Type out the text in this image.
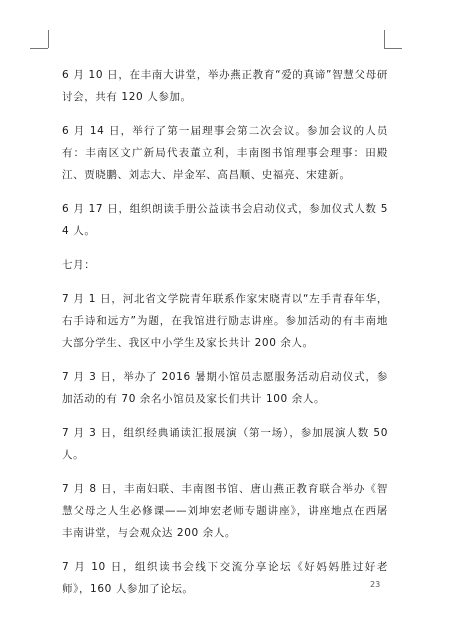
6 月 10 日，在丰南大讲堂，举办燕正教育“爱的真谛”智慧父母研讨会，共有 120 人参加。

6 月 14 日，举行了第一届理事会第二次会议。参加会议的人员有：丰南区文广新局代表董立利，丰南图书馆理事会理事：田殿江、贾晓鹏、刘志大、岸金军、高昌顺、史福亮、宋建新。

6 月 17 日，组织朗读手册公益读书会启动仪式，参加仪式人数 54 人。

七月：

7 月 1 日，河北省文学院青年联系作家宋晓青以“左手青春年华，右手诗和远方”为题，在我馆进行励志讲座。参加活动的有丰南地大部分学生、我区中小学生及家长共计 200 余人。

7 月 3 日，举办了 2016 暑期小馆员志愿服务活动启动仪式，参加活动的有 70 余名小馆员及家长们共计 100 余人。

7 月 3 日，组织经典诵读汇报展演（第一场），参加展演人数 50 人。

7 月 8 日，丰南妇联、丰南图书馆、唐山燕正教育联合举办《智慧父母之人生必修课——刘坤宏老师专题讲座》，讲座地点在西屠丰南讲堂，与会观众达 200 余人。

7 月 10 日，组织读书会线下交流分享论坛《好妈妈胜过好老师》，160 人参加了论坛。	23
